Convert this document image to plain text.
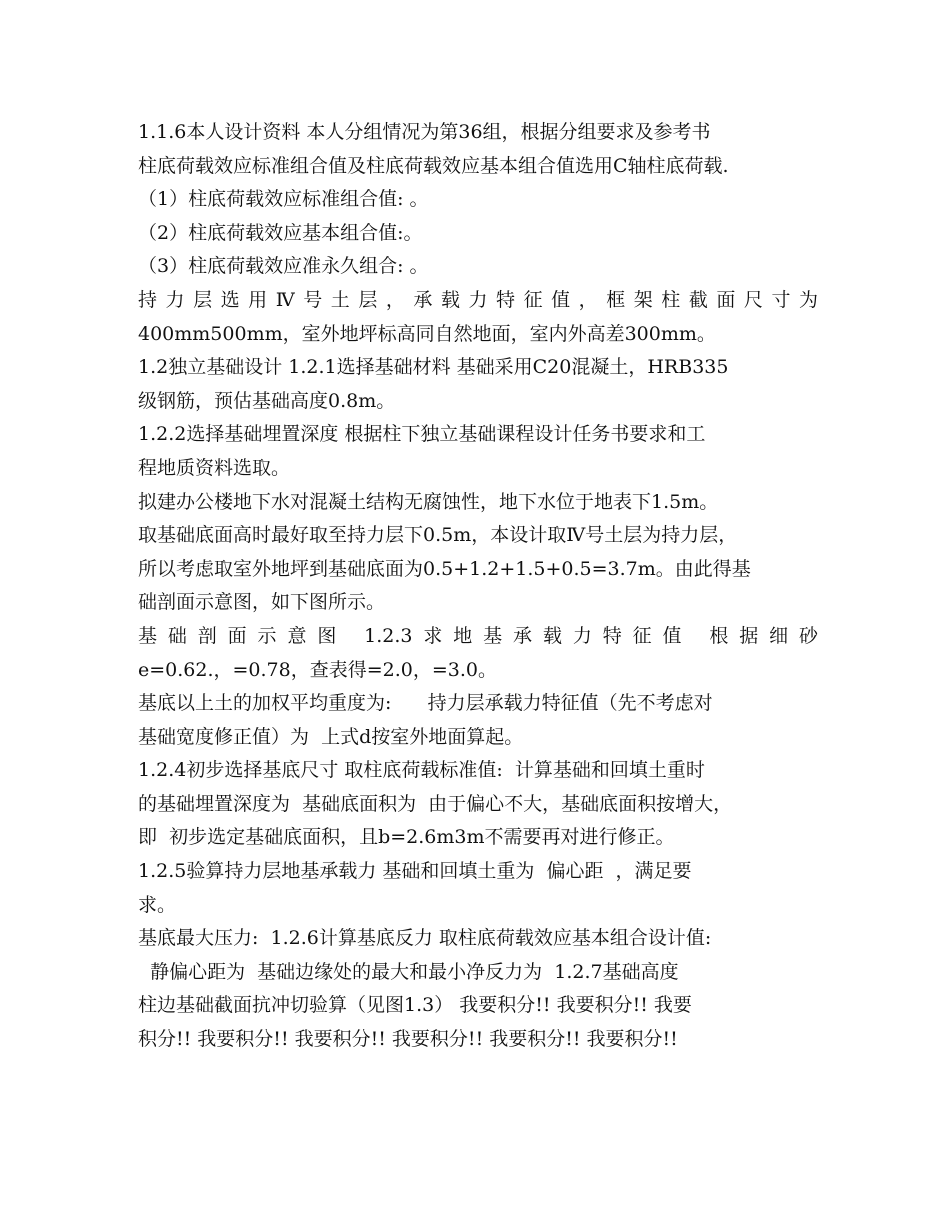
1.1.6本人设计资料 本人分组情况为第36组，根据分组要求及参考书
柱底荷载效应标准组合值及柱底荷载效应基本组合值选用C轴柱底荷载.
（1）柱底荷载效应标准组合值: 。
（2）柱底荷载效应基本组合值:。
（3）柱底荷载效应准永久组合: 。
持力层选用Ⅳ号土层，承载力特征值，框架柱截面尺寸为
400mm500mm，室外地坪标高同自然地面，室内外高差300mm。
1.2独立基础设计 1.2.1选择基础材料 基础采用C20混凝土，HRB335
级钢筋，预估基础高度0.8m。
1.2.2选择基础埋置深度 根据柱下独立基础课程设计任务书要求和工
程地质资料选取。
拟建办公楼地下水对混凝土结构无腐蚀性，地下水位于地表下1.5m。
取基础底面高时最好取至持力层下0.5m，本设计取Ⅳ号土层为持力层，
所以考虑取室外地坪到基础底面为0.5+1.2+1.5+0.5=3.7m。由此得基
础剖面示意图，如下图所示。
基础剖面示意图 1.2.3求地基承载力特征值 根据细砂
e=0.62.，=0.78，查表得=2.0，=3.0。
基底以上土的加权平均重度为:      持力层承载力特征值（先不考虑对
基础宽度修正值）为  上式d按室外地面算起。
1.2.4初步选择基底尺寸 取柱底荷载标准值:  计算基础和回填土重时
的基础埋置深度为  基础底面积为  由于偏心不大，基础底面积按增大，
即  初步选定基础底面积，且b=2.6m3m不需要再对进行修正。
1.2.5验算持力层地基承载力 基础和回填土重为  偏心距  ，满足要
求。
基底最大压力:  1.2.6计算基底反力 取柱底荷载效应基本组合设计值:
静偏心距为  基础边缘处的最大和最小净反力为  1.2.7基础高度
柱边基础截面抗冲切验算（见图1.3） 我要积分!! 我要积分!! 我要
积分!! 我要积分!! 我要积分!! 我要积分!! 我要积分!! 我要积分!!
